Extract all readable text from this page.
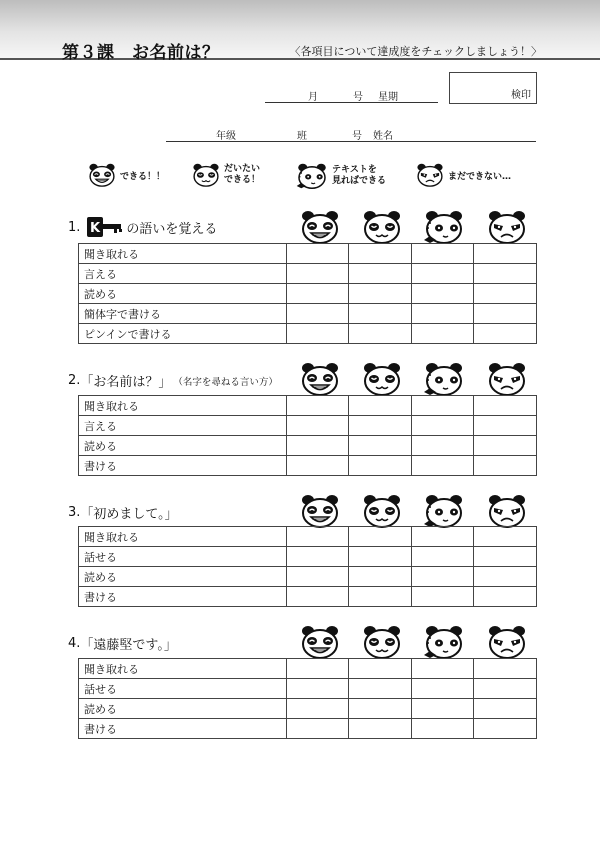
第３課　お名前は？	〈各項目について達成度をチェックしましょう！〉
検印
月	号 星期
年级	班	号 姓名
できる！！
だいたい
できる！
テキストを
見ればできる	まだできない…
1. K の語いを覚える
聞き取れる				
言える				
読める				
簡体字で書ける				
ピンインで書ける				
2. 「お名前は？」 （名字を尋ねる言い方）
聞き取れる				
言える				
読める				
書ける				
3. 「初めまして。」
聞き取れる				
話せる				
読める				
書ける				
4. 「遠藤堅です。」
聞き取れる				
話せる				
読める				
書ける				
